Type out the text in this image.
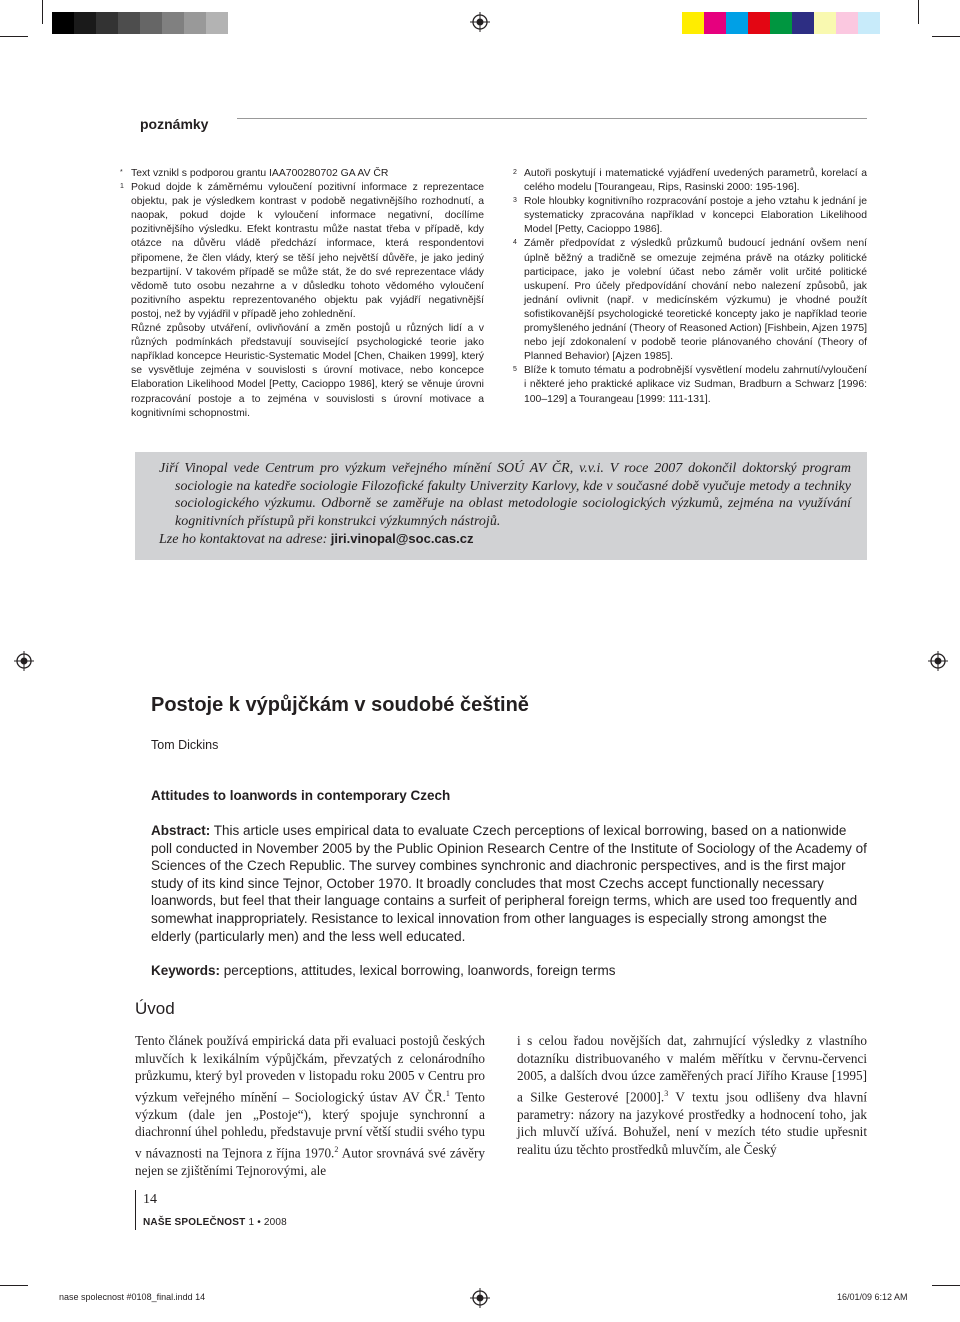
poznámky

* Text vznikl s podporou grantu IAA700280702 GA AV ČR

1 Pokud dojde k záměrnému vyloučení pozitivní informace z reprezentace objektu, pak je výsledkem kontrast v podobě negativnějšího rozhodnutí, a naopak, pokud dojde k vyloučení informace negativní, docílíme pozitivnějšího výsledku. Efekt kontrastu může nastat třeba v případě, kdy otázce na důvěru vládě předchází informace, která respondentovi připomene, že člen vlády, který se těší jeho největší důvěře, je jako jediný bezpartijní. V takovém případě se může stát, že do své reprezentace vlády vědomě tuto osobu nezahrne a v důsledku tohoto vědomého vyloučení pozitivního aspektu reprezentovaného objektu pak vyjádří negativnější postoj, než by vyjádřil v případě jeho zohlednění.

Různé způsoby utváření, ovlivňování a změn postojů u různých lidí a v různých podmínkách představují související psychologické teorie jako například koncepce Heuristic-Systematic Model [Chen, Chaiken 1999], který se vysvětluje zejména v souvislosti s úrovní motivace, nebo koncepce Elaboration Likelihood Model [Petty, Cacioppo 1986], který se věnuje úrovni rozpracování postoje a to zejména v souvislosti s úrovní motivace a kognitivními schopnostmi.

2 Autoři poskytují i matematické vyjádření uvedených parametrů, korelací a celého modelu [Tourangeau, Rips, Rasinski 2000: 195-196].

3 Role hloubky kognitivního rozpracování postoje a jeho vztahu k jednání je systematicky zpracována například v koncepci Elaboration Likelihood Model [Petty, Cacioppo 1986].

4 Záměr předpovídat z výsledků průzkumů budoucí jednání ovšem není úplně běžný a tradičně se omezuje zejména právě na otázky politické participace, jako je volební účast nebo záměr volit určité politické uskupení. Pro účely předpovídání chování nebo nalezení způsobů, jak jednání ovlivnit (např. v medicínském výzkumu) je vhodné použít sofistikovanější psychologické teoretické koncepty jako je například teorie promyšleného jednání (Theory of Reasoned Action) [Fishbein, Ajzen 1975] nebo její zdokonalení v podobě teorie plánovaného chování (Theory of Planned Behavior) [Ajzen 1985].

5 Blíže k tomuto tématu a podrobnější vysvětlení modelu zahrnutí/vyloučení i některé jeho praktické aplikace viz Sudman, Bradburn a Schwarz [1996: 100–129] a Tourangeau [1999: 111-131].

Jiří Vinopal vede Centrum pro výzkum veřejného mínění SOÚ AV ČR, v.v.i. V roce 2007 dokončil doktorský program sociologie na katedře sociologie Filozofické fakulty Univerzity Karlovy, kde v současné době vyučuje metody a techniky sociologického výzkumu. Odborně se zaměřuje na oblast metodologie sociologických výzkumů, zejména na využívání kognitivních přístupů při konstrukci výzkumných nástrojů.
Lze ho kontaktovat na adrese: jiri.vinopal@soc.cas.cz
Postoje k výpůjčkám v soudobé češtině
Tom Dickins
Attitudes to loanwords in contemporary Czech
Abstract: This article uses empirical data to evaluate Czech perceptions of lexical borrowing, based on a nationwide poll conducted in November 2005 by the Public Opinion Research Centre of the Institute of Sociology of the Academy of Sciences of the Czech Republic. The survey combines synchronic and diachronic perspectives, and is the first major study of its kind since Tejnor, October 1970. It broadly concludes that most Czechs accept functionally necessary loanwords, but feel that their language contains a surfeit of peripheral foreign terms, which are used too frequently and somewhat inappropriately. Resistance to lexical innovation from other languages is especially strong amongst the elderly (particularly men) and the less well educated.
Keywords: perceptions, attitudes, lexical borrowing, loanwords, foreign terms
Úvod
Tento článek používá empirická data při evaluaci postojů českých mluvčích k lexikálním výpůjčkám, převzatých z celonárodního průzkumu, který byl proveden v listopadu roku 2005 v Centru pro výzkum veřejného mínění – Sociologický ústav AV ČR.$^1$ Tento výzkum (dale jen „Postoje“), který spojuje synchronní a diachronní úhel pohledu, představuje první větší studii svého typu v návaznosti na Tejnora z října 1970.$^2$ Autor srovnává své závěry nejen se zjištěními Tejnorovými, ale
i s celou řadou novějších dat, zahrnující výsledky z vlastního dotazníku distribuovaného v malém měřítku v červnu-červenci 2005, a dalších dvou úzce zaměřených prací Jiřího Krause [1995] a Silke Gesterové [2000].$^3$ V textu jsou odlišeny dva hlavní parametry: názory na jazykové prostředky a hodnocení toho, jak jich mluvčí užívá. Bohužel, není v mezích této studie upřesnit realitu úzu těchto prostředků mluvčím, ale Český
14
NAŠE SPOLEČNOST 1 • 2008
nase spolecnost #0108_final.indd 14	16/01/09 6:12 AM
